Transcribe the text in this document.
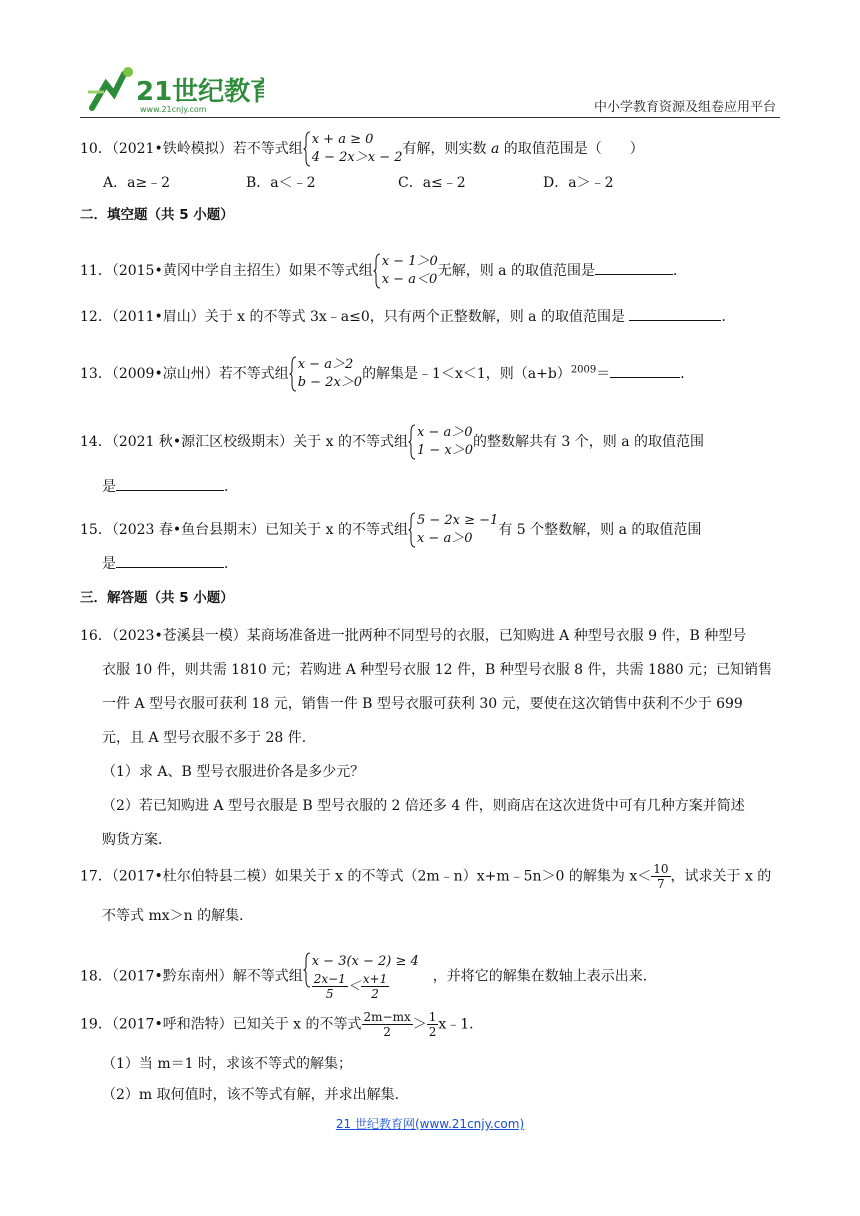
21世纪教育
www.21cnjy.com	中小学教育资源及组卷应用平台
10．（2021•铁岭模拟）若不等式组
x + a ≥ 0
4 − 2x＞x − 2
有解，则实数 a 的取值范围是（　　）
A．a≥﹣2	B．a＜﹣2	C．a≤﹣2	D．a＞﹣2
二．填空题（共 5 小题）
11．（2015•黄冈中学自主招生）如果不等式组
x − 1＞0
x − a＜0
无解，则 a 的取值范围是	．
12．（2011•眉山）关于 x 的不等式 3x﹣a≤0，只有两个正整数解，则 a 的取值范围是	．
13．（2009•凉山州）若不等式组
x − a＞2
b − 2x＞0
的解集是﹣1＜x＜1，则$(a+b)^{2009}=$	．
14．（2021 秋•源汇区校级期末）关于 x 的不等式组
x − a＞0
1 − x＞0
的整数解共有 3 个，则 a 的取值范围
是	．
15．（2023 春•鱼台县期末）已知关于 x 的不等式组
5 − 2x ≥ −1
x − a＞0
有 5 个整数解，则 a 的取值范围
是	．
三．解答题（共 5 小题）
16．（2023•苍溪县一模）某商场准备进一批两种不同型号的衣服，已知购进 A 种型号衣服 9 件，B 种型号
衣服 10 件，则共需 1810 元；若购进 A 种型号衣服 12 件，B 种型号衣服 8 件，共需 1880 元；已知销售
一件 A 型号衣服可获利 18 元，销售一件 B 型号衣服可获利 30 元，要使在这次销售中获利不少于 699
元，且 A 型号衣服不多于 28 件．
（1）求 A、B 型号衣服进价各是多少元？
（2）若已知购进 A 型号衣服是 B 型号衣服的 2 倍还多 4 件，则商店在这次进货中可有几种方案并简述
购货方案．
17．（2017•杜尔伯特县二模）如果关于 x 的不等式（2m﹣n）x+m﹣5n＞0 的解集为 $x< \frac{10}{7}$ ，试求关于 x 的
不等式 mx＞n 的解集．
18．（2017•黔东南州）解不等式组
x − 3(x − 2) ≥ 4
$\frac{2x-1}{5} < \frac{x+1}{2}$
　	，并将它的解集在数轴上表示出来．
19．（2017•呼和浩特）已知关于 x 的不等式 $\frac{2m-mx}{2} > \frac{1}{2}$ x﹣1．
（1）当 m＝1 时，求该不等式的解集；
（2）m 取何值时，该不等式有解，并求出解集．
21 世纪教育网(www.21cnjy.com)
